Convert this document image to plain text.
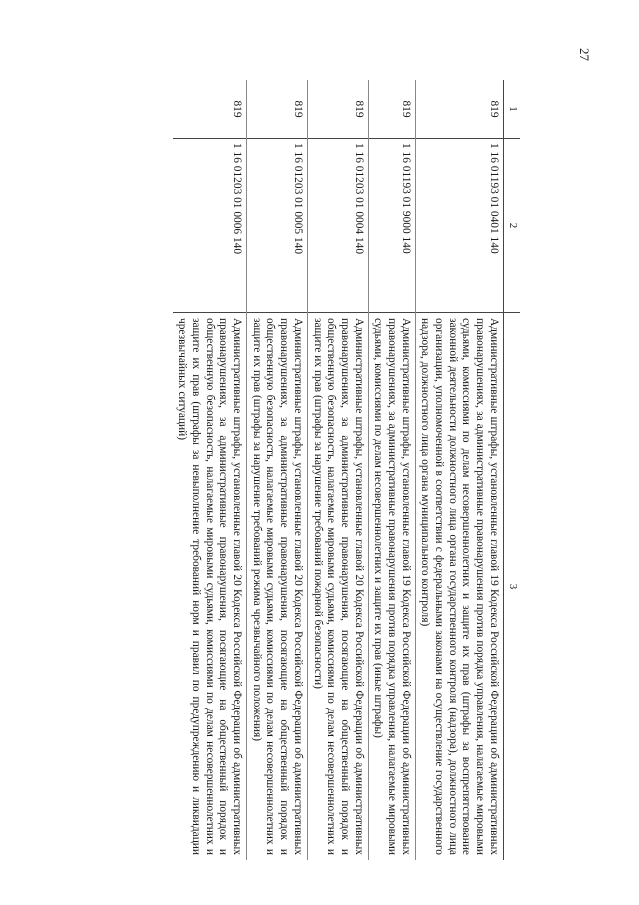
27
1	2	3
819	1 16 01193 01 0401 140	Административные штрафы, установленные главой 19 Кодекса Российской Федерации об административных правонарушениях, за административные правонарушения против порядка управления, налагаемые мировыми судьями, комиссиями по делам несовершеннолетних и защите их прав (штрафы за воспрепятствование законной деятельности должностного лица органа государственного контроля (надзора), должностного лица организации, уполномоченной в соответствии с федеральными законами на осуществление государственного надзора, должностного лица органа муниципального контроля)
819	1 16 01193 01 9000 140	Административные штрафы, установленные главой 19 Кодекса Российской Федерации об административных правонарушениях, за административные правонарушения против порядка управления, налагаемые мировыми судьями, комиссиями по делам несовершеннолетних и защите их прав (иные штрафы)
819	1 16 01203 01 0004 140	Административные штрафы, установленные главой 20 Кодекса Российской Федерации об административных правонарушениях, за административные правонарушения, посягающие на общественный порядок и общественную безопасность, налагаемые мировыми судьями, комиссиями по делам несовершеннолетних и защите их прав (штрафы за нарушение требований пожарной безопасности)
819	1 16 01203 01 0005 140	Административные штрафы, установленные главой 20 Кодекса Российской Федерации об административных правонарушениях, за административные правонарушения, посягающие на общественный порядок и общественную безопасность, налагаемые мировыми судьями, комиссиями по делам несовершеннолетних и защите их прав (штрафы за нарушение требований режима чрезвычайного положения)
819	1 16 01203 01 0006 140	Административные штрафы, установленные главой 20 Кодекса Российской Федерации об административных правонарушениях, за административные правонарушения, посягающие на общественный порядок и общественную безопасность, налагаемые мировыми судьями, комиссиями по делам несовершеннолетних и защите их прав (штрафы за невыполнение требований норм и правил по предупреждению и ликвидации чрезвычайных ситуаций)
